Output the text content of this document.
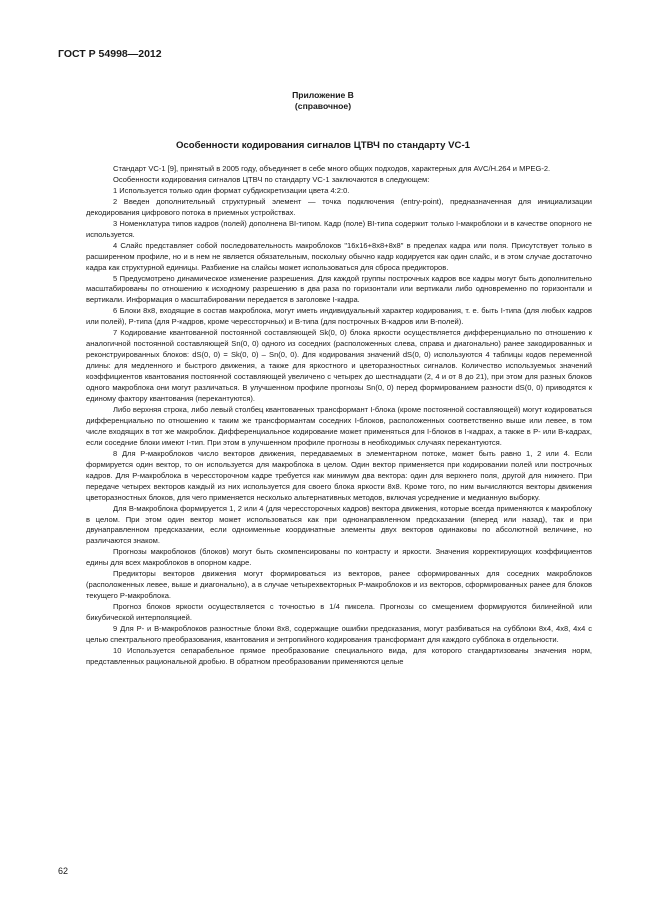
ГОСТ Р 54998—2012
Приложение В
(справочное)
Особенности кодирования сигналов ЦТВЧ по стандарту VC-1

Стандарт VC-1 [9], принятый в 2005 году, объединяет в себе много общих подходов, характерных для AVC/H.264 и MPEG-2.

Особенности кодирования сигналов ЦТВЧ по стандарту VC-1 заключаются в следующем:

1 Используется только один формат субдискретизации цвета 4:2:0.

2 Введен дополнительный структурный элемент — точка подключения (entry-point), предназначенная для инициализации декодирования цифрового потока в приемных устройствах.

3 Номенклатура типов кадров (полей) дополнена BI-типом. Кадр (поле) BI-типа содержит только I-макроблоки и в качестве опорного не используется.

4 Слайс представляет собой последовательность макроблоков "16x16+8x8+8x8" в пределах кадра или поля. Присутствует только в расширенном профиле, но и в нем не является обязательным, поскольку обычно кадр кодируется как один слайс, и в этом случае достаточно кадра как структурной единицы. Разбиение на слайсы может использоваться для сброса предикторов.

5 Предусмотрено динамическое изменение разрешения. Для каждой группы построчных кадров все кадры могут быть дополнительно масштабированы по отношению к исходному разрешению в два раза по горизонтали или вертикали либо одновременно по горизонтали и вертикали. Информация о масштабировании передается в заголовке I-кадра.

6 Блоки 8x8, входящие в состав макроблока, могут иметь индивидуальный характер кодирования, т. е. быть I-типа (для любых кадров или полей), P-типа (для P-кадров, кроме черессторчных) и B-типа (для построчных B-кадров или B-полей).

7 Кодирование квантованной постоянной составляющей Sk(0, 0) блока яркости осуществляется дифференциально по отношению к аналогичной постоянной составляющей Sn(0, 0) одного из соседних (расположенных слева, справа и диагонально) ранее закодированных и реконструированных блоков: dS(0, 0) = Sk(0, 0) – Sn(0, 0). Для кодирования значений dS(0, 0) используются 4 таблицы кодов переменной длины: для медленного и быстрого движения, а также для яркостного и цветоразностных сигналов. Количество используемых значений коэффициентов квантования постоянной составляющей увеличено с четырех до шестнадцати (2, 4 и от 8 до 21), при этом для разных блоков одного макроблока они могут различаться. В улучшенном профиле прогнозы Sn(0, 0) перед формированием разности dS(0, 0) приводятся к единому фактору квантования (перекантуются).

Либо верхняя строка, либо левый столбец квантованных трансформант I-блока (кроме постоянной составляющей) могут кодироваться дифференциально по отношению к таким же трансформантам соседних I-блоков, расположенных соответственно выше или левее, в том числе входящих в тот же макроблок. Дифференциальное кодирование может применяться для I-блоков в I-кадрах, а также в P- или B-кадрах, если соседние блоки имеют I-тип. При этом в улучшенном профиле прогнозы в необходимых случаях перекантуются.

8 Для P-макроблоков число векторов движения, передаваемых в элементарном потоке, может быть равно 1, 2 или 4. Если формируется один вектор, то он используется для макроблока в целом. Один вектор применяется при кодировании полей или построчных кадров. Для P-макроблока в черессторочном кадре требуется как минимум два вектора: один для верхнего поля, другой для нижнего. При передаче четырех векторов каждый из них используется для своего блока яркости 8x8. Кроме того, по ним вычисляются векторы движения цветоразностных блоков, для чего применяется несколько альтернативных методов, включая усреднение и медианную выборку.

Для B-макроблока формируется 1, 2 или 4 (для черессторочных кадров) вектора движения, которые всегда применяются к макроблоку в целом. При этом один вектор может использоваться как при однонаправленном предсказании (вперед или назад), так и при двунаправленном предсказании, если одноименные координатные элементы двух векторов одинаковы по абсолютной величине, но различаются знаком.

Прогнозы макроблоков (блоков) могут быть скомпенсированы по контрасту и яркости. Значения корректирующих коэффициентов едины для всех макроблоков в опорном кадре.

Предикторы векторов движения могут формироваться из векторов, ранее сформированных для соседних макроблоков (расположенных левее, выше и диагонально), а в случае четырехвекторных P-макроблоков и из векторов, сформированных ранее для блоков текущего P-макроблока.

Прогноз блоков яркости осуществляется с точностью в 1/4 пиксела. Прогнозы со смещением формируются билинейной или бикубической интерполяцией.

9 Для P- и B-макроблоков разностные блоки 8x8, содержащие ошибки предсказания, могут разбиваться на субблоки 8x4, 4x8, 4x4 с целью спектрального преобразования, квантования и энтропийного кодирования трансформант для каждого субблока в отдельности.

10 Используется сепарабельное прямое преобразование специального вида, для которого стандартизованы значения норм, представленных рациональной дробью. В обратном преобразовании применяются целые

62
